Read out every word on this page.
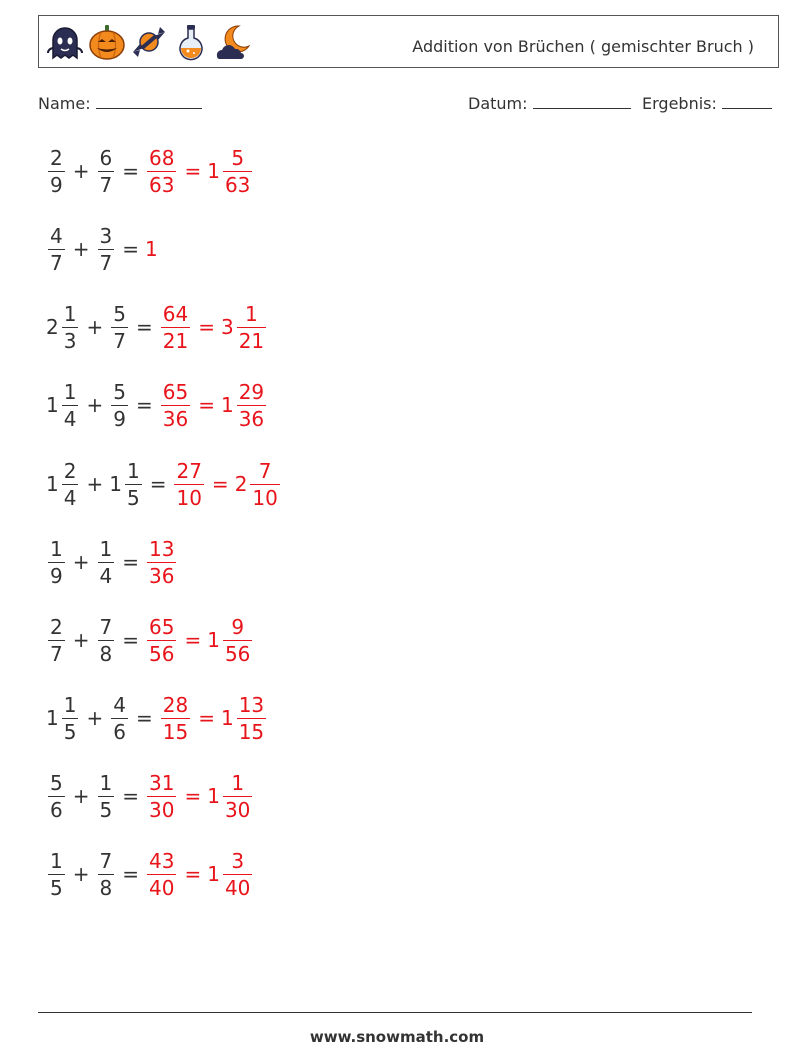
Addition von Brüchen ( gemischter Bruch )
Name:	Datum:	Ergebnis:
$\frac{2}{9} + \frac{6}{7} = \frac{68}{63} = 1 \frac{5}{63}$
$\frac{4}{7} + \frac{3}{7} = 1$
$2 \frac{1}{3} + \frac{5}{7} = \frac{64}{21} = 3 \frac{1}{21}$
$1 \frac{1}{4} + \frac{5}{9} = \frac{65}{36} = 1 \frac{29}{36}$
$1 \frac{2}{4} + 1 \frac{1}{5} = \frac{27}{10} = 2 \frac{7}{10}$
$\frac{1}{9} + \frac{1}{4} = \frac{13}{36}$
$\frac{2}{7} + \frac{7}{8} = \frac{65}{56} = 1 \frac{9}{56}$
$1 \frac{1}{5} + \frac{4}{6} = \frac{28}{15} = 1 \frac{13}{15}$
$\frac{5}{6} + \frac{1}{5} = \frac{31}{30} = 1 \frac{1}{30}$
$\frac{1}{5} + \frac{7}{8} = \frac{43}{40} = 1 \frac{3}{40}$
www.snowmath.com
